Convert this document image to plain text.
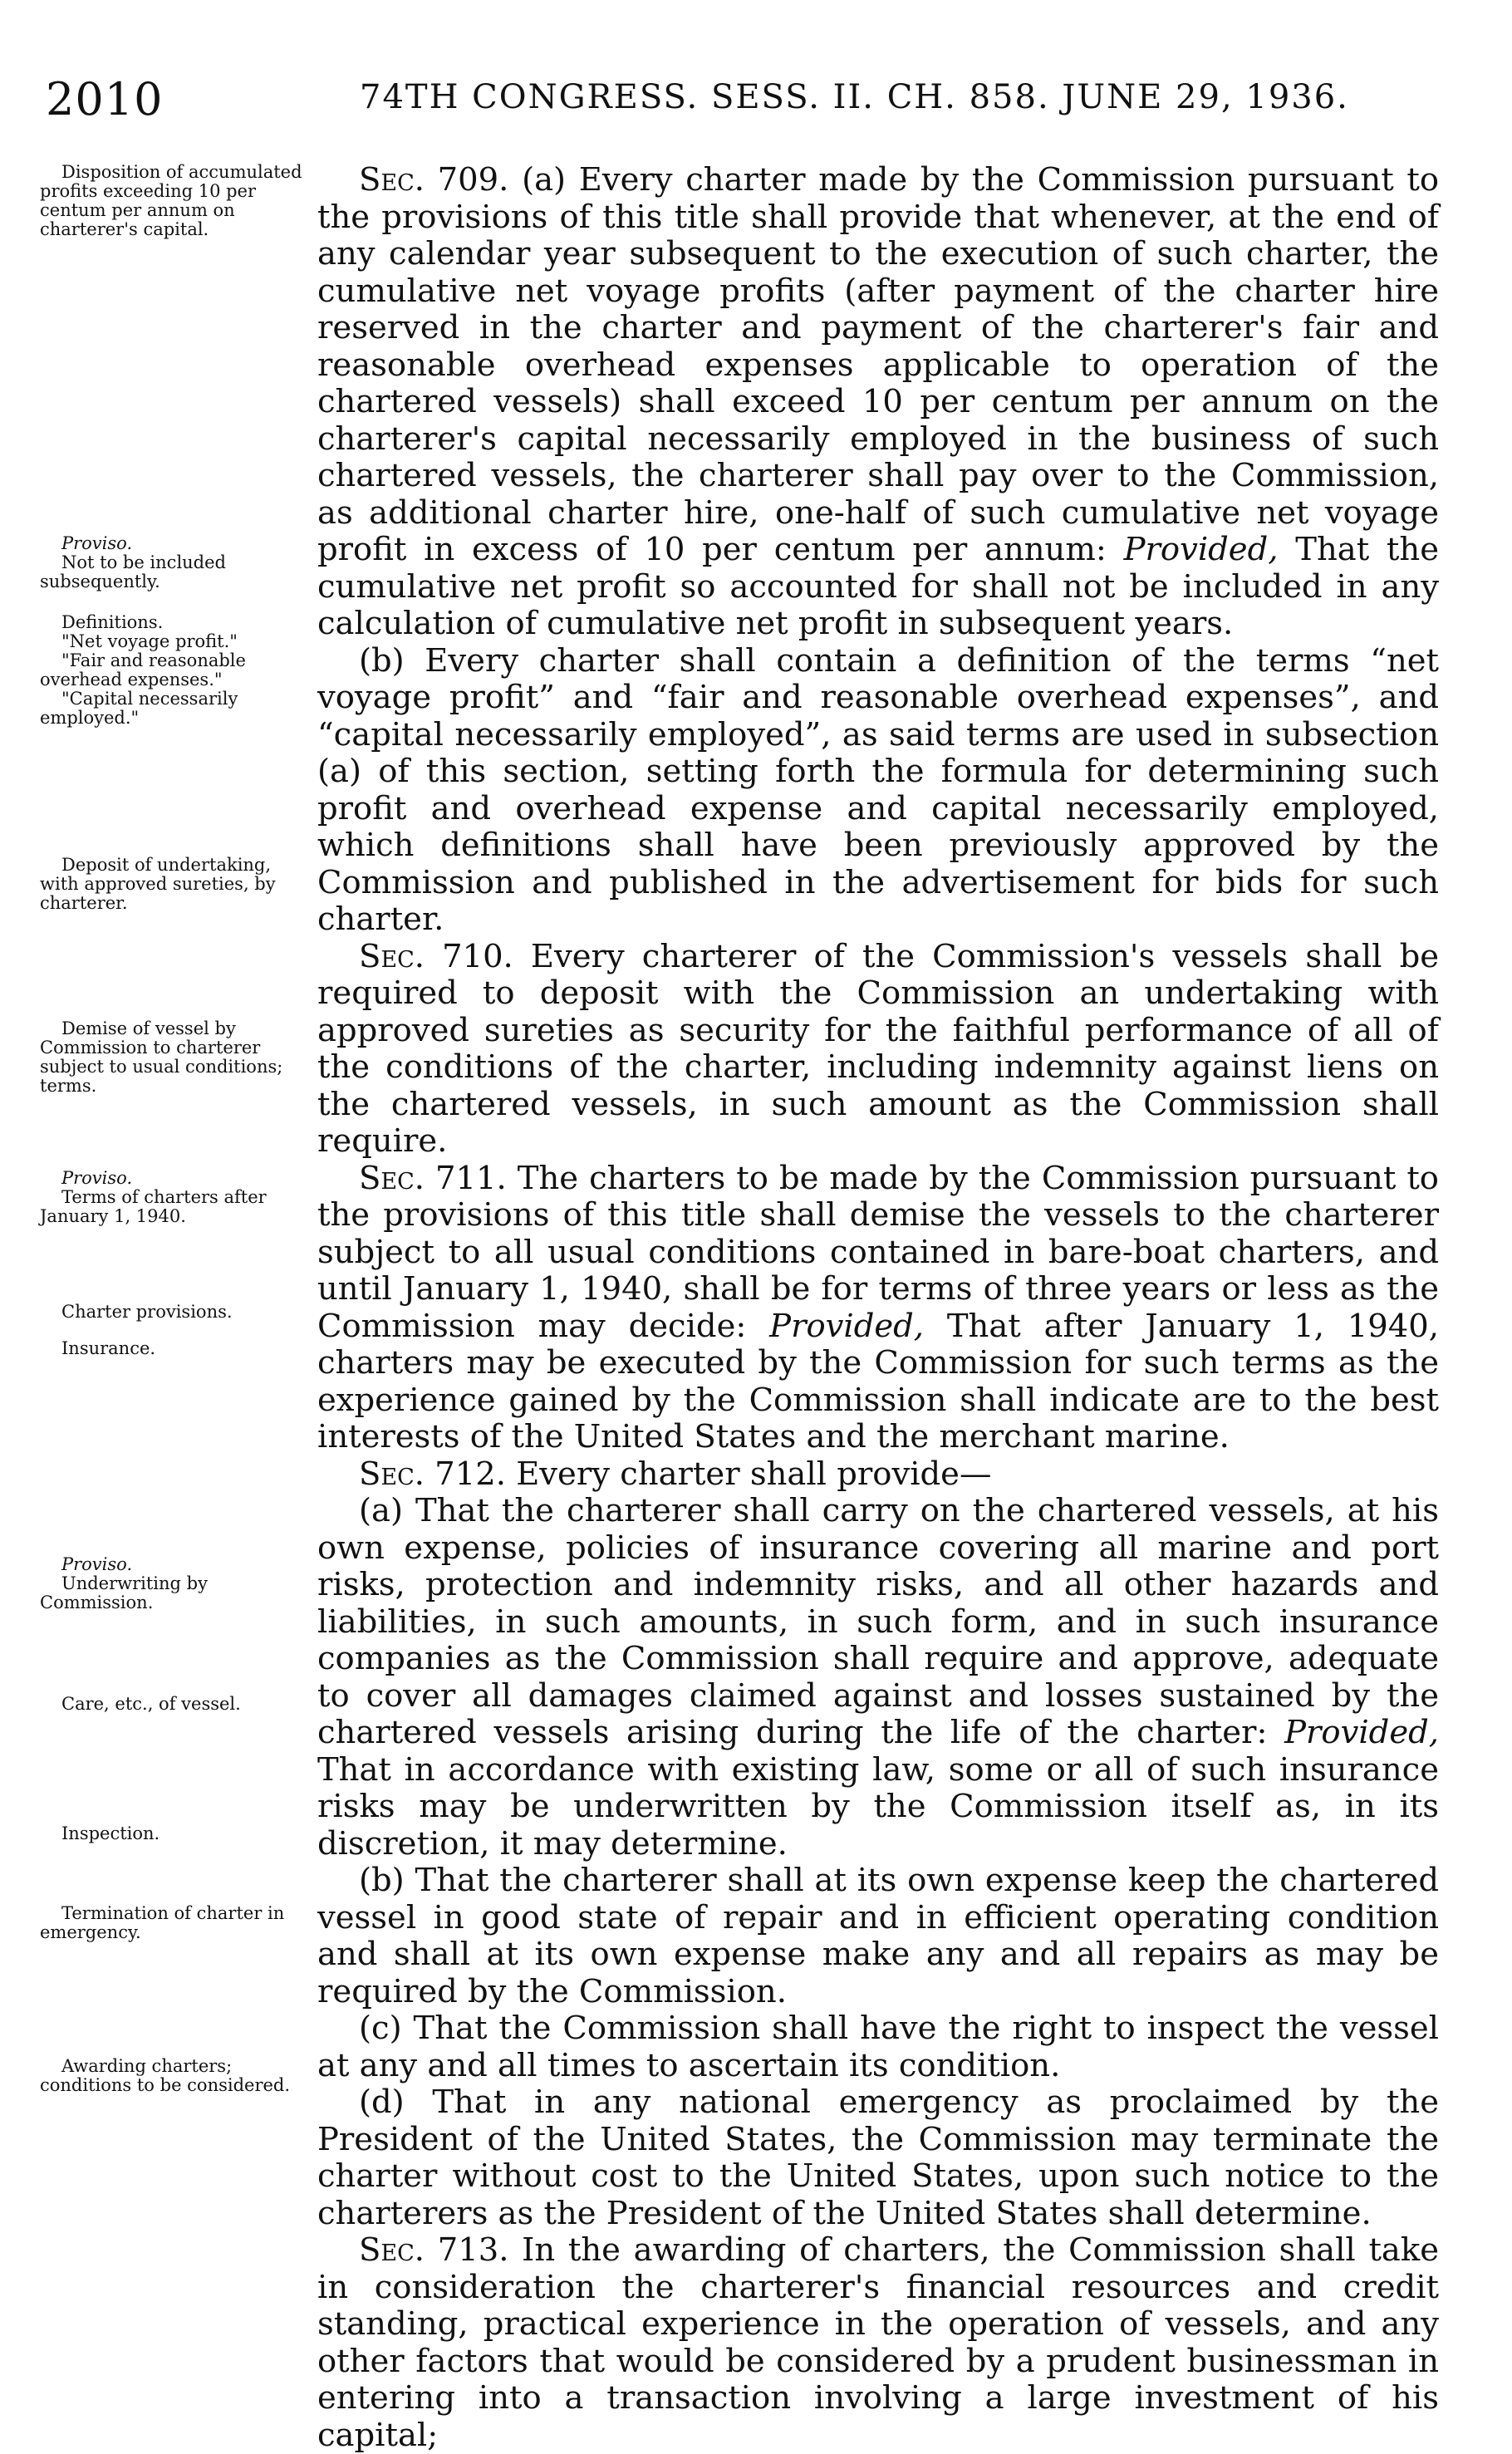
2010	74TH CONGRESS. SESS. II. CH. 858. JUNE 29, 1936.
Disposition of accumulated profits exceeding 10 per centum per annum on charterer's capital.
Proviso.
Not to be included subsequently.
Definitions.
"Net voyage profit."
"Fair and reasonable overhead expenses."
"Capital necessarily employed."
Deposit of undertaking, with approved sureties, by charterer.
Demise of vessel by Commission to charterer subject to usual conditions; terms.
Proviso.
Terms of charters after January 1, 1940.
Charter provisions.
Insurance.
Proviso.
Underwriting by Commission.
Care, etc., of vessel.
Inspection.
Termination of charter in emergency.
Awarding charters; conditions to be considered.

Sec. 709. (a) Every charter made by the Commission pursuant to the provisions of this title shall provide that whenever, at the end of any calendar year subsequent to the execution of such charter, the cumulative net voyage profits (after payment of the charter hire reserved in the charter and payment of the charterer's fair and reasonable overhead expenses applicable to operation of the chartered vessels) shall exceed 10 per centum per annum on the charterer's capital necessarily employed in the business of such chartered vessels, the charterer shall pay over to the Commission, as additional charter hire, one-half of such cumulative net voyage profit in excess of 10 per centum per annum: Provided, That the cumulative net profit so accounted for shall not be included in any calculation of cumulative net profit in subsequent years.

(b) Every charter shall contain a definition of the terms “net voyage profit” and “fair and reasonable overhead expenses”, and “capital necessarily employed”, as said terms are used in subsection (a) of this section, setting forth the formula for determining such profit and overhead expense and capital necessarily employed, which definitions shall have been previously approved by the Commission and published in the advertisement for bids for such charter.

Sec. 710. Every charterer of the Commission's vessels shall be required to deposit with the Commission an undertaking with approved sureties as security for the faithful performance of all of the conditions of the charter, including indemnity against liens on the chartered vessels, in such amount as the Commission shall require.

Sec. 711. The charters to be made by the Commission pursuant to the provisions of this title shall demise the vessels to the charterer subject to all usual conditions contained in bare-boat charters, and until January 1, 1940, shall be for terms of three years or less as the Commission may decide: Provided, That after January 1, 1940, charters may be executed by the Commission for such terms as the experience gained by the Commission shall indicate are to the best interests of the United States and the merchant marine.

Sec. 712. Every charter shall provide—

(a) That the charterer shall carry on the chartered vessels, at his own expense, policies of insurance covering all marine and port risks, protection and indemnity risks, and all other hazards and liabilities, in such amounts, in such form, and in such insurance companies as the Commission shall require and approve, adequate to cover all damages claimed against and losses sustained by the chartered vessels arising during the life of the charter: Provided, That in accordance with existing law, some or all of such insurance risks may be underwritten by the Commission itself as, in its discretion, it may determine.

(b) That the charterer shall at its own expense keep the chartered vessel in good state of repair and in efficient operating condition and shall at its own expense make any and all repairs as may be required by the Commission.

(c) That the Commission shall have the right to inspect the vessel at any and all times to ascertain its condition.

(d) That in any national emergency as proclaimed by the President of the United States, the Commission may terminate the charter without cost to the United States, upon such notice to the charterers as the President of the United States shall determine.

Sec. 713. In the awarding of charters, the Commission shall take in consideration the charterer's financial resources and credit standing, practical experience in the operation of vessels, and any other factors that would be considered by a prudent businessman in entering into a transaction involving a large investment of his capital;
